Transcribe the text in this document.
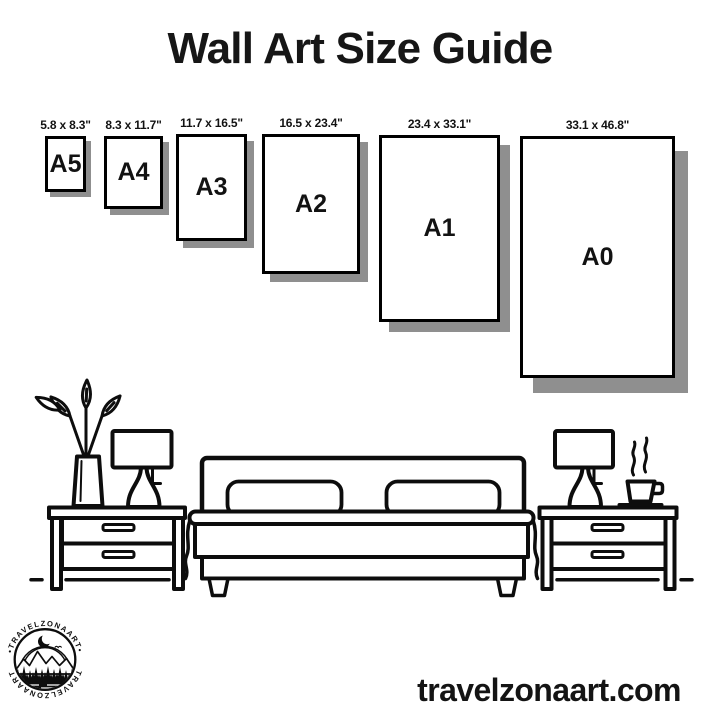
Wall Art Size Guide
5.8 x 8.3"
A5
8.3 x 11.7"
A4
11.7 x 16.5"
A3
16.5 x 23.4"
A2
23.4 x 33.1"
A1
33.1 x 46.8"
A0
•TRAVELZONAART•
TRAVELZONAART	travelzonaart.com
